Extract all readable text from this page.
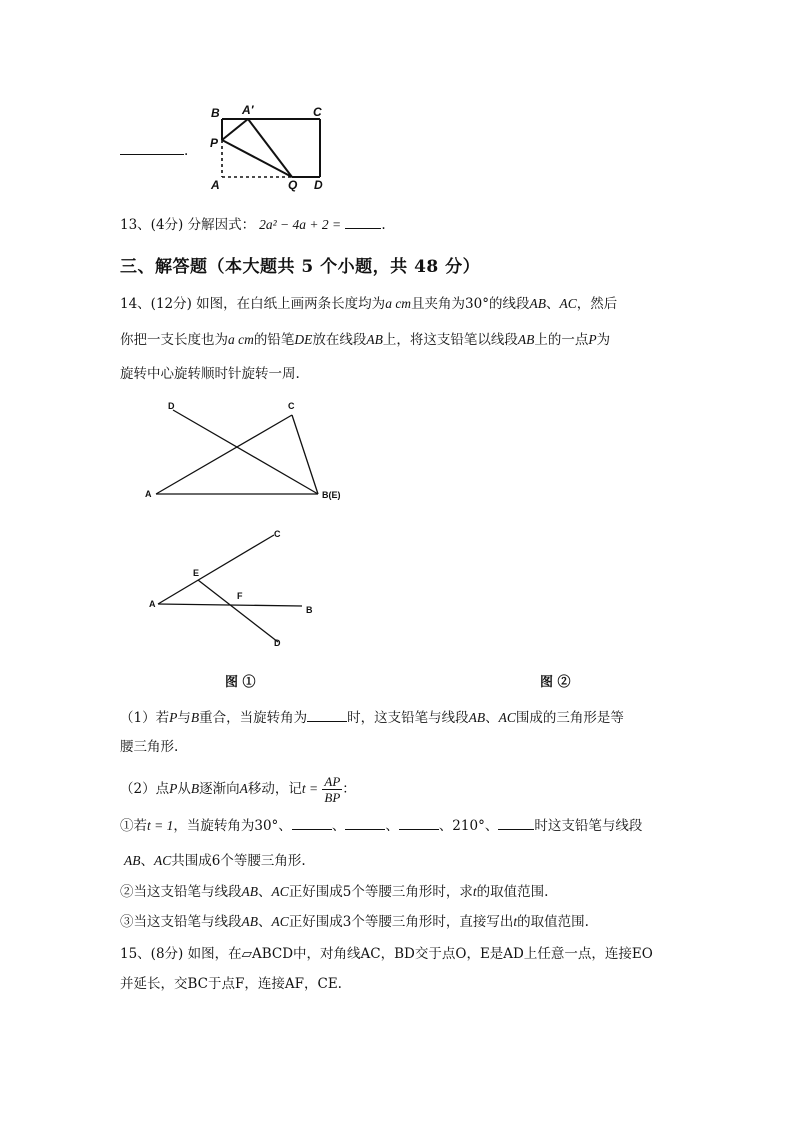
.
B A′	C
P
A	Q D
13、(4分) 分解因式： 2a² − 4a + 2 =	.
三、解答题（本大题共 5 个小题，共 48 分）
14、(12分) 如图，在白纸上画两条长度均为a cm且夹角为30°的线段AB、AC，然后
你把一支长度也为a cm的铅笔DE放在线段AB上，将这支铅笔以线段AB上的一点P为
旋转中心旋转顺时针旋转一周.
D	C
A	B(E)
C
E
F
A
B
D
图 ①	图 ②
（1）若P与B重合，当旋转角为	时，这支铅笔与线段AB、AC围成的三角形是等
腰三角形.
（2）点P从B逐渐向A移动，记$t = \frac{AP}{BP}$ ：
①若t = 1，当旋转角为30°、	、	、	、210°、	时这支铅笔与线段
AB、AC共围成6个等腰三角形.
②当这支铅笔与线段AB、AC正好围成5个等腰三角形时，求t的取值范围.
③当这支铅笔与线段AB、AC正好围成3个等腰三角形时，直接写出t的取值范围.
15、(8分) 如图，在▱ABCD中，对角线AC，BD交于点O，E是AD上任意一点，连接EO
并延长，交BC于点F，连接AF，CE.
